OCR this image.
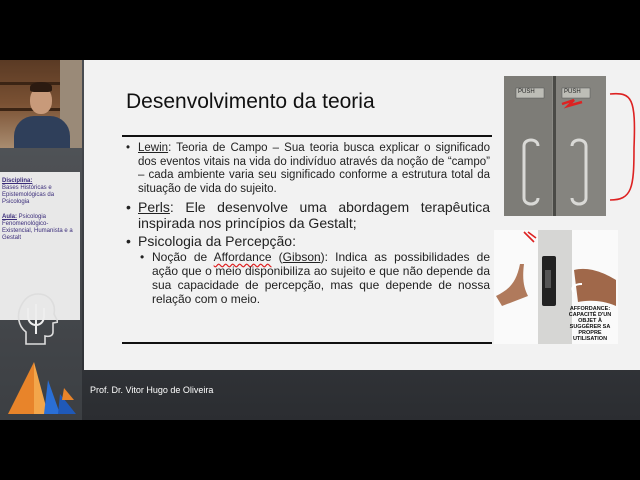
Disciplina:
Bases Históricas e Epistemológicas da Psicologia
Aula: Psicologia Fenomenológico-Existencial, Humanista e a Gestalt
Desenvolvimento da teoria
• Lewin: Teoria de Campo – Sua teoria busca explicar o significado dos eventos vitais na vida do indivíduo através da noção de “campo” – cada ambiente varia seu significado conforme a estrutura total da situação de vida do sujeito.
• Perls: Ele desenvolve uma abordagem terapêutica inspirada nos princípios da Gestalt;
• Psicologia da Percepção:
• Noção de Affordance (Gibson): Indica as possibilidades de ação que o meio disponibiliza ao sujeito e que não depende da sua capacidade de percepção, mas que depende de nossa relação com o meio.
PUSH	PUSH
AFFORDANCE: CAPACITÉ D'UN OBJET À SUGGÉRER SA PROPRE UTILISATION
Prof. Dr. Vitor Hugo de Oliveira
